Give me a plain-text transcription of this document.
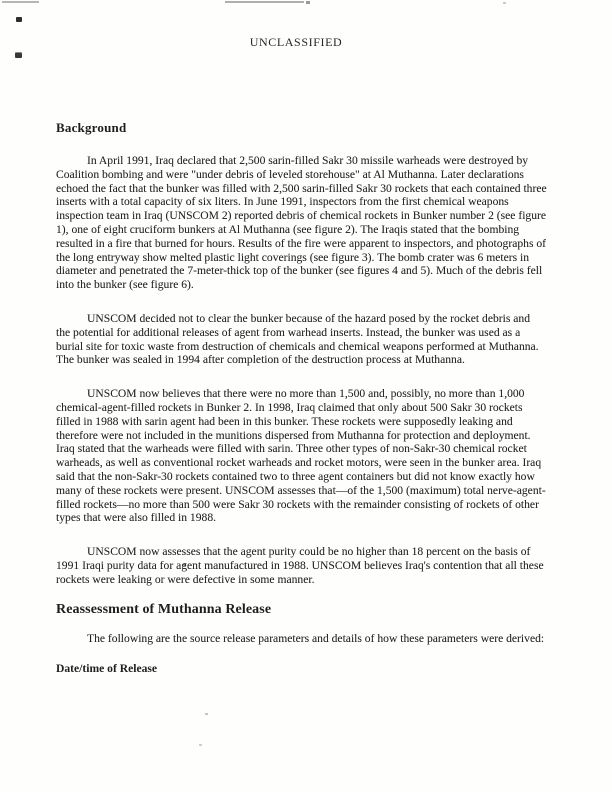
UNCLASSIFIED
Background

In April 1991, Iraq declared that 2,500 sarin-filled Sakr 30 missile warheads were destroyed by Coalition bombing and were "under debris of leveled storehouse" at Al Muthanna. Later declarations echoed the fact that the bunker was filled with 2,500 sarin-filled Sakr 30 rockets that each contained three inserts with a total capacity of six liters. In June 1991, inspectors from the first chemical weapons inspection team in Iraq (UNSCOM 2) reported debris of chemical rockets in Bunker number 2 (see figure 1), one of eight cruciform bunkers at Al Muthanna (see figure 2). The Iraqis stated that the bombing resulted in a fire that burned for hours. Results of the fire were apparent to inspectors, and photographs of the long entryway show melted plastic light coverings (see figure 3). The bomb crater was 6 meters in diameter and penetrated the 7-meter-thick top of the bunker (see figures 4 and 5). Much of the debris fell into the bunker (see figure 6).

UNSCOM decided not to clear the bunker because of the hazard posed by the rocket debris and the potential for additional releases of agent from warhead inserts. Instead, the bunker was used as a burial site for toxic waste from destruction of chemicals and chemical weapons performed at Muthanna. The bunker was sealed in 1994 after completion of the destruction process at Muthanna.

UNSCOM now believes that there were no more than 1,500 and, possibly, no more than 1,000 chemical-agent-filled rockets in Bunker 2. In 1998, Iraq claimed that only about 500 Sakr 30 rockets filled in 1988 with sarin agent had been in this bunker. These rockets were supposedly leaking and therefore were not included in the munitions dispersed from Muthanna for protection and deployment. Iraq stated that the warheads were filled with sarin. Three other types of non-Sakr-30 chemical rocket warheads, as well as conventional rocket warheads and rocket motors, were seen in the bunker area. Iraq said that the non-Sakr-30 rockets contained two to three agent containers but did not know exactly how many of these rockets were present. UNSCOM assesses that—of the 1,500 (maximum) total nerve-agent-filled rockets—no more than 500 were Sakr 30 rockets with the remainder consisting of rockets of other types that were also filled in 1988.

UNSCOM now assesses that the agent purity could be no higher than 18 percent on the basis of 1991 Iraqi purity data for agent manufactured in 1988. UNSCOM believes Iraq's contention that all these rockets were leaking or were defective in some manner.

Reassessment of Muthanna Release

The following are the source release parameters and details of how these parameters were derived:

Date/time of Release
